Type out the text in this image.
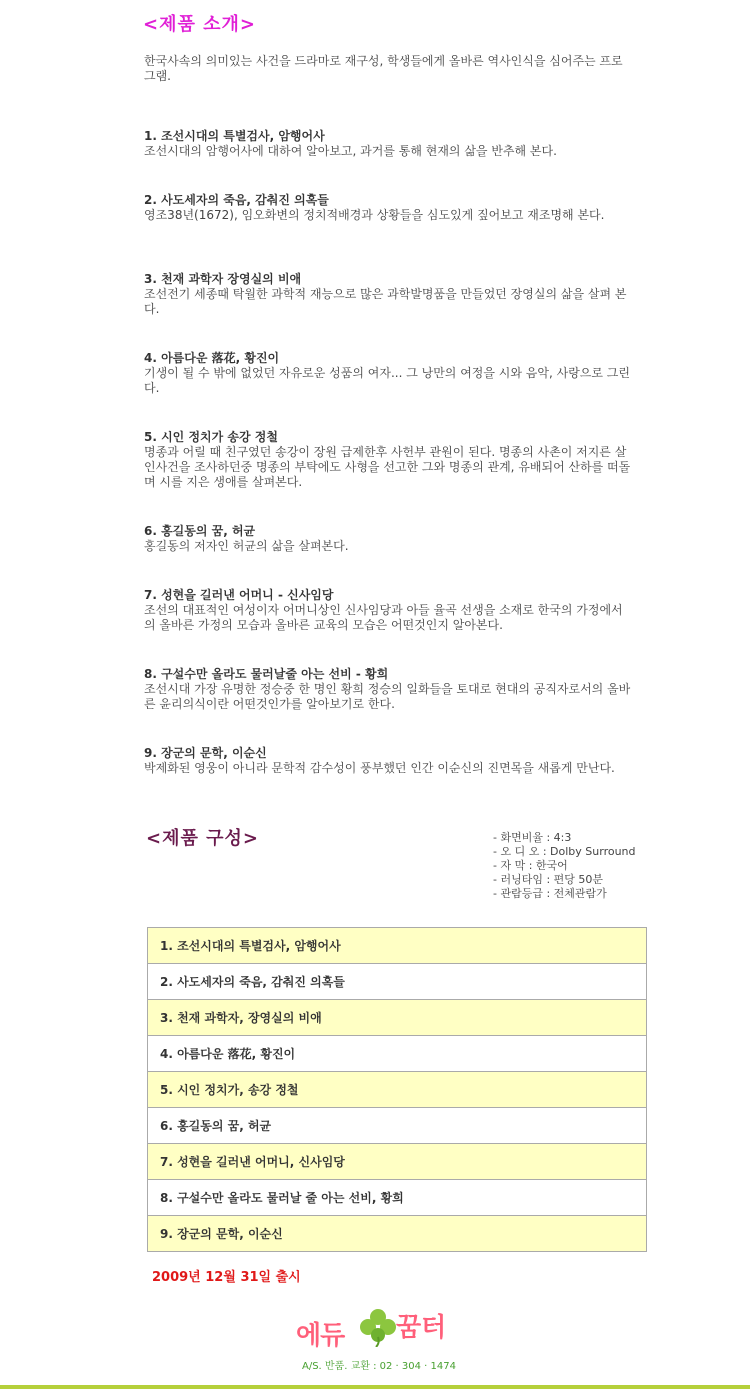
<제품 소개>
한국사속의 의미있는 사건을 드라마로 재구성, 학생들에게 올바른 역사인식을 심어주는 프로그램.
1. 조선시대의 특별검사, 암행어사
조선시대의 암행어사에 대하여 알아보고, 과거를 통해 현재의 삶을 반추해 본다.
2. 사도세자의 죽음, 감춰진 의혹들
영조38년(1672), 임오화변의 정치적배경과 상황들을 심도있게 짚어보고 재조명해 본다.
3. 천재 과학자 장영실의 비애
조선전기 세종때 탁월한 과학적 재능으로 많은 과학발명품을 만들었던 장영실의 삶을 살펴 본다.
4. 아름다운 落花, 황진이
기생이 될 수 밖에 없었던 자유로운 성품의 여자... 그 낭만의 여정을 시와 음악, 사랑으로 그린다.
5. 시인 정치가 송강 정철
명종과 어릴 때 친구였던 송강이 장원 급제한후 사헌부 관원이 된다. 명종의 사촌이 저지른 살인사건을 조사하던중 명종의 부탁에도 사형을 선고한 그와 명종의 관계, 유배되어 산하를 떠돌며 시를 지은 생애를 살펴본다.
6. 홍길동의 꿈, 허균
홍길동의 저자인 허균의 삶을 살펴본다.
7. 성현을 길러낸 어머니 - 신사임당
조선의 대표적인 여성이자 어머니상인 신사임당과 아들 율곡 선생을 소재로 한국의 가정에서의 올바른 가정의 모습과 올바른 교육의 모습은 어떤것인지 알아본다.
8. 구설수만 올라도 물러날줄 아는 선비 - 황희
조선시대 가장 유명한 정승중 한 명인 황희 정승의 일화들을 토대로 현대의 공직자로서의 올바른 윤리의식이란 어떤것인가를 알아보기로 한다.
9. 장군의 문학, 이순신
박제화된 영웅이 아니라 문학적 감수성이 풍부했던 인간 이순신의 진면목을 새롭게 만난다.
<제품 구성>	- 화면비율 : 4:3
- 오 디 오 : Dolby Surround
- 자 막 : 한국어
- 러닝타임 : 편당 50분
- 관람등급 : 전체관람가
1. 조선시대의 특별검사, 암행어사
2. 사도세자의 죽음, 감춰진 의혹들
3. 천재 과학자, 장영실의 비애
4. 아름다운 落花, 황진이
5. 시인 정치가, 송강 정철
6. 홍길동의 꿈, 허균
7. 성현을 길러낸 어머니, 신사임당
8. 구설수만 올라도 물러날 줄 아는 선비, 황희
9. 장군의 문학, 이순신
2009년 12월 31일 출시
에듀 꿈터
A/S. 반품. 교환 : 02 · 304 · 1474
